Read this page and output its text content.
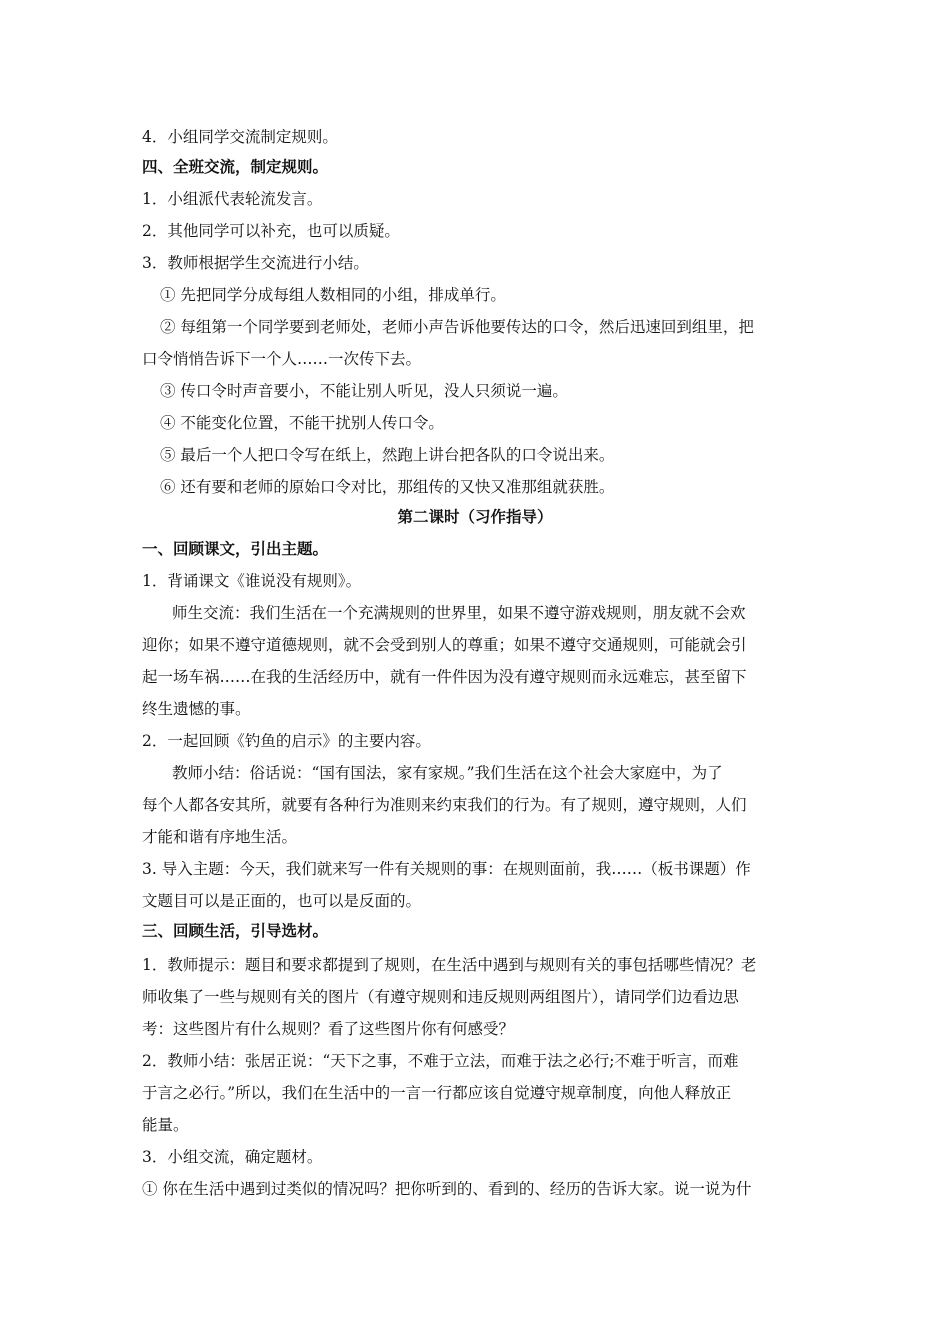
4．小组同学交流制定规则。
四、全班交流，制定规则。
1．小组派代表轮流发言。
2．其他同学可以补充，也可以质疑。
3．教师根据学生交流进行小结。
① 先把同学分成每组人数相同的小组，排成单行。
② 每组第一个同学要到老师处，老师小声告诉他要传达的口令，然后迅速回到组里，把
口令悄悄告诉下一个人……一次传下去。
③ 传口令时声音要小，不能让别人听见，没人只须说一遍。
④ 不能变化位置，不能干扰别人传口令。
⑤ 最后一个人把口令写在纸上，然跑上讲台把各队的口令说出来。
⑥ 还有要和老师的原始口令对比，那组传的又快又准那组就获胜。
第二课时（习作指导）
一、回顾课文，引出主题。
1．背诵课文《谁说没有规则》。
师生交流：我们生活在一个充满规则的世界里，如果不遵守游戏规则，朋友就不会欢
迎你；如果不遵守道德规则，就不会受到别人的尊重；如果不遵守交通规则，可能就会引
起一场车祸……在我的生活经历中，就有一件件因为没有遵守规则而永远难忘，甚至留下
终生遗憾的事。
2．一起回顾《钓鱼的启示》的主要内容。
教师小结：俗话说：“国有国法，家有家规。”我们生活在这个社会大家庭中，为了
每个人都各安其所，就要有各种行为准则来约束我们的行为。有了规则，遵守规则，人们
才能和谐有序地生活。
3. 导入主题：今天，我们就来写一件有关规则的事：在规则面前，我……（板书课题）作
文题目可以是正面的，也可以是反面的。
三、回顾生活，引导选材。
1．教师提示：题目和要求都提到了规则，在生活中遇到与规则有关的事包括哪些情况？老
师收集了一些与规则有关的图片（有遵守规则和违反规则两组图片），请同学们边看边思
考：这些图片有什么规则？看了这些图片你有何感受？
2．教师小结：张居正说：“天下之事，不难于立法，而难于法之必行;不难于听言，而难
于言之必行。”所以，我们在生活中的一言一行都应该自觉遵守规章制度，向他人释放正
能量。
3．小组交流，确定题材。
① 你在生活中遇到过类似的情况吗？把你听到的、看到的、经历的告诉大家。说一说为什
